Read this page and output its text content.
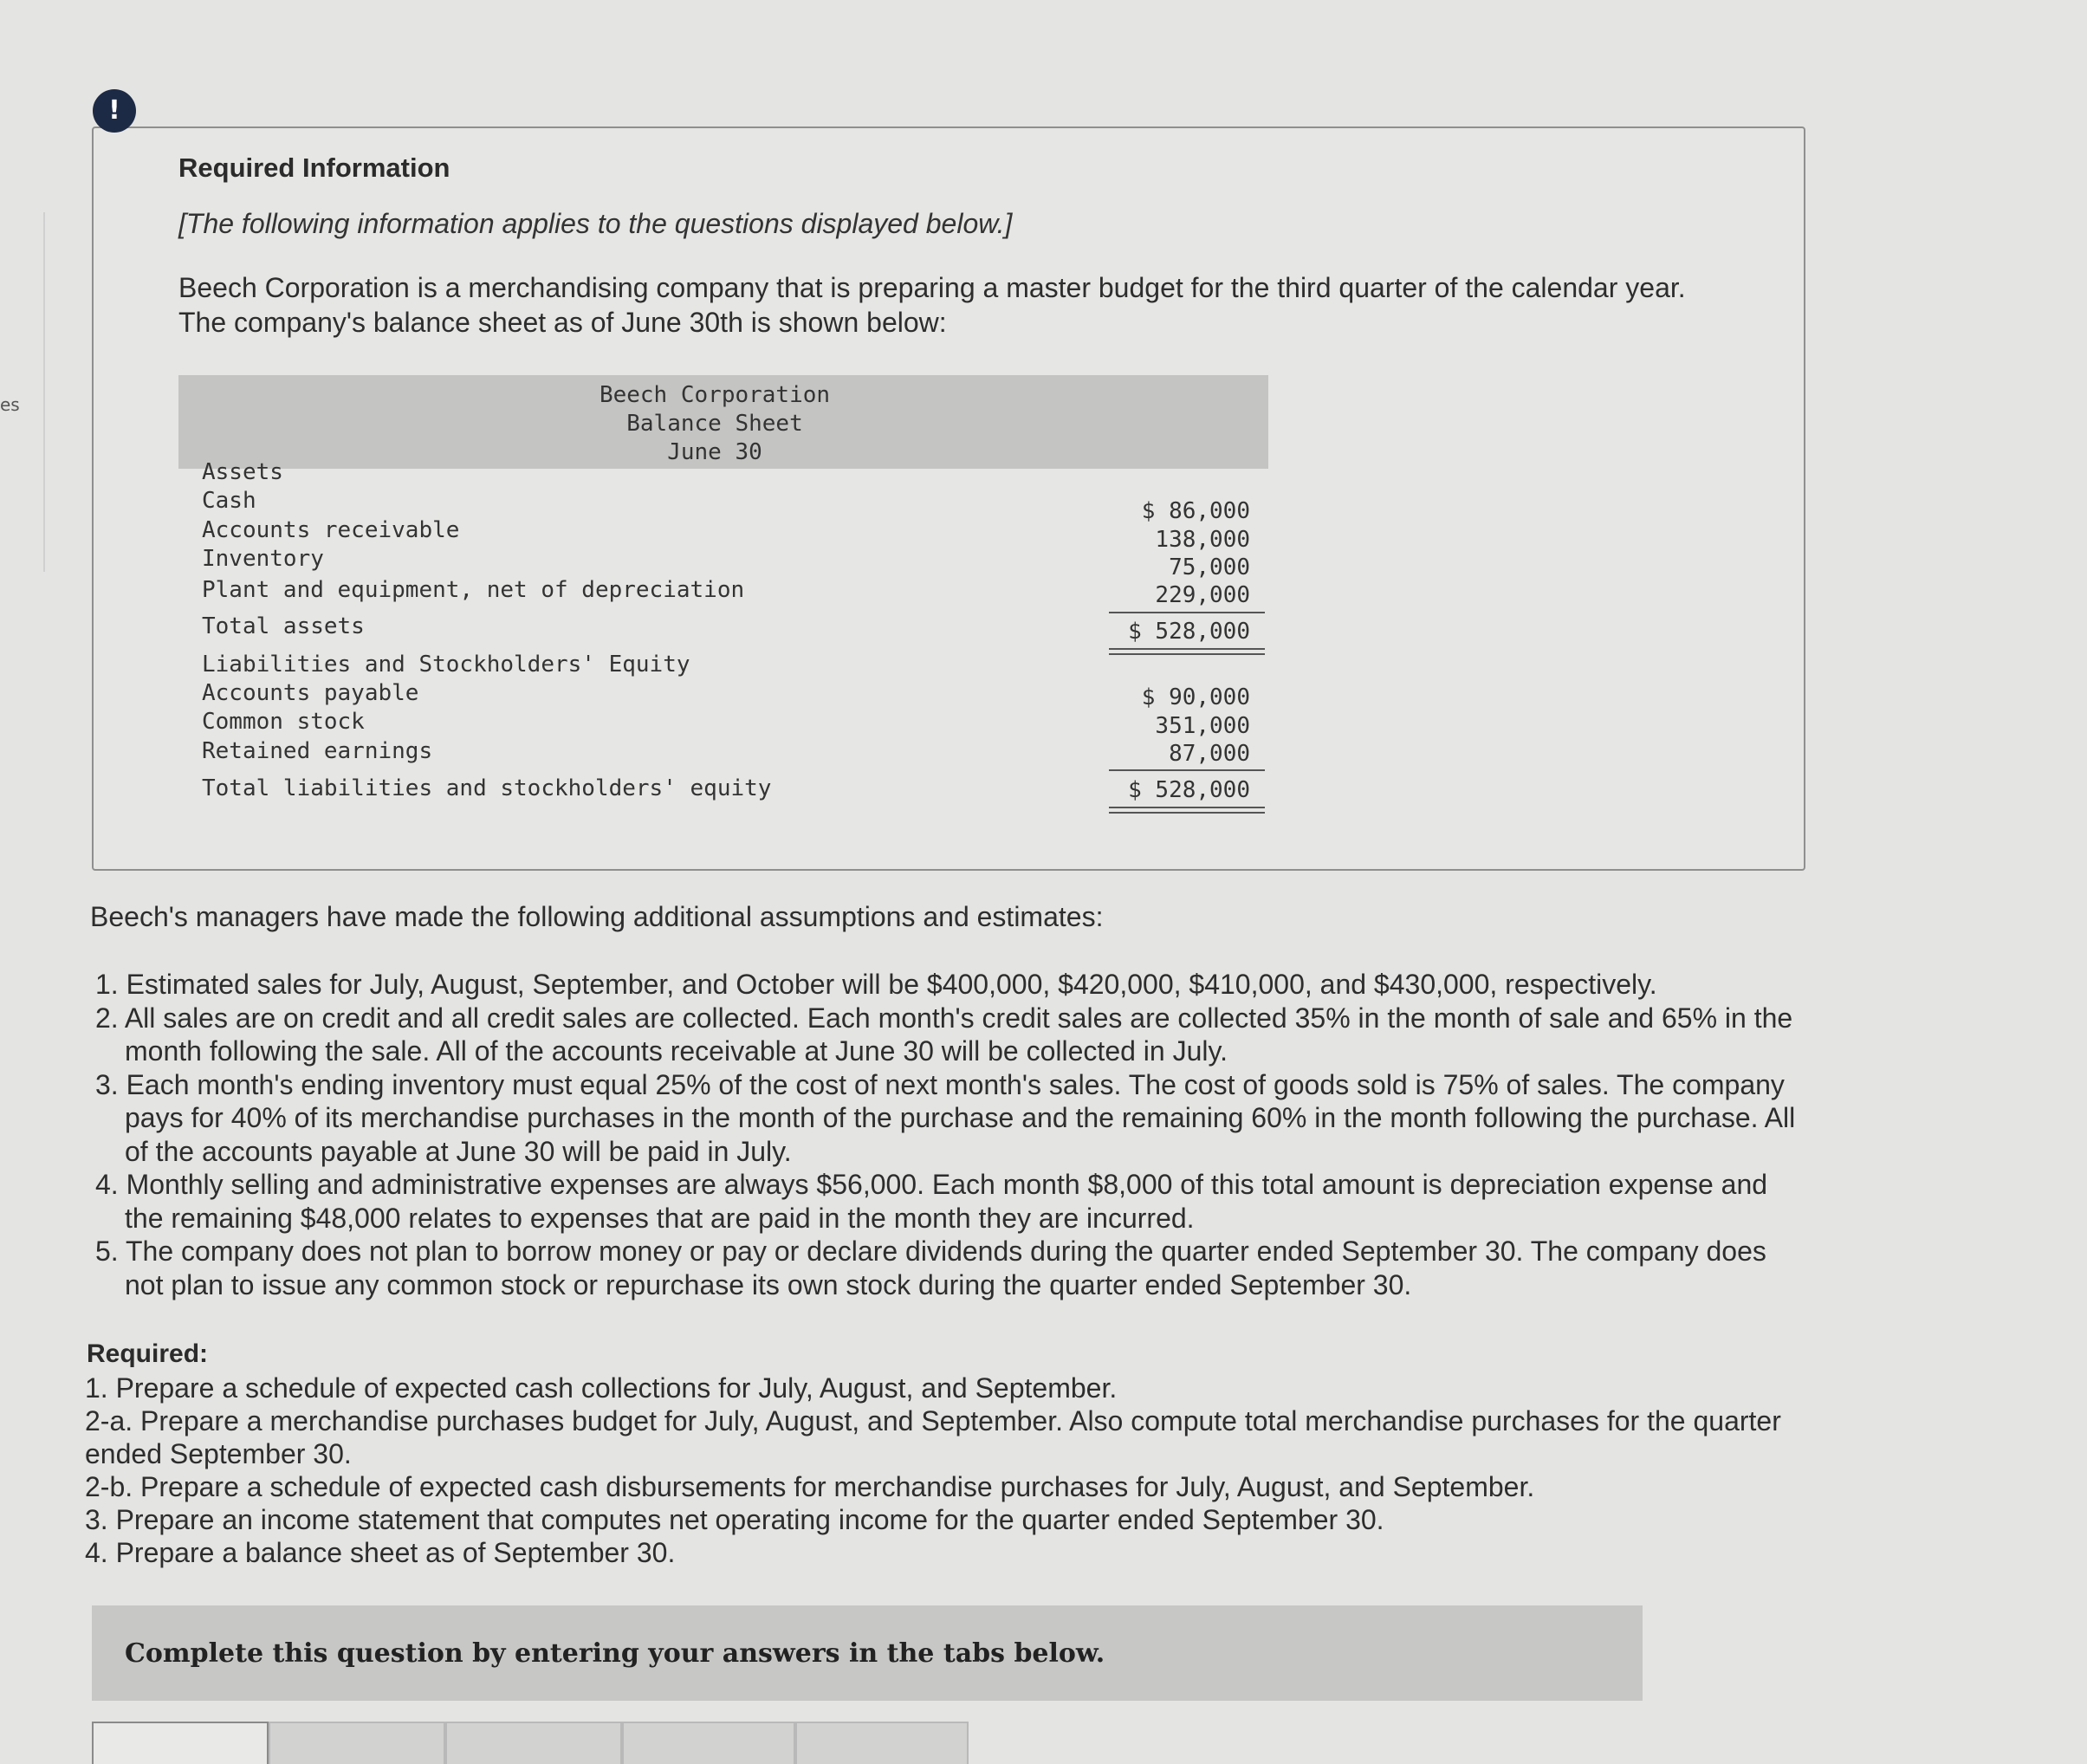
es
!
Required Information
[The following information applies to the questions displayed below.]
Beech Corporation is a merchandising company that is preparing a master budget for the third quarter of the calendar year. The company's balance sheet as of June 30th is shown below:
Beech Corporation
Balance Sheet
June 30
Assets
Cash
Accounts receivable
Inventory
Plant and equipment, net of depreciation
$ 86,000
138,000
75,000
229,000
Total assets	$ 528,000
Liabilities and Stockholders' Equity
Accounts payable
Common stock
Retained earnings
$ 90,000
351,000
87,000
Total liabilities and stockholders' equity	$ 528,000
Beech's managers have made the following additional assumptions and estimates:
1. Estimated sales for July, August, September, and October will be $400,000, $420,000, $410,000, and $430,000, respectively.
2. All sales are on credit and all credit sales are collected. Each month's credit sales are collected 35% in the month of sale and 65% in the month following the sale. All of the accounts receivable at June 30 will be collected in July.
3. Each month's ending inventory must equal 25% of the cost of next month's sales. The cost of goods sold is 75% of sales. The company pays for 40% of its merchandise purchases in the month of the purchase and the remaining 60% in the month following the purchase. All of the accounts payable at June 30 will be paid in July.
4. Monthly selling and administrative expenses are always $56,000. Each month $8,000 of this total amount is depreciation expense and the remaining $48,000 relates to expenses that are paid in the month they are incurred.
5. The company does not plan to borrow money or pay or declare dividends during the quarter ended September 30. The company does not plan to issue any common stock or repurchase its own stock during the quarter ended September 30.
Required:
1. Prepare a schedule of expected cash collections for July, August, and September.
2-a. Prepare a merchandise purchases budget for July, August, and September. Also compute total merchandise purchases for the quarter ended September 30.
2-b. Prepare a schedule of expected cash disbursements for merchandise purchases for July, August, and September.
3. Prepare an income statement that computes net operating income for the quarter ended September 30.
4. Prepare a balance sheet as of September 30.
Complete this question by entering your answers in the tabs below.
